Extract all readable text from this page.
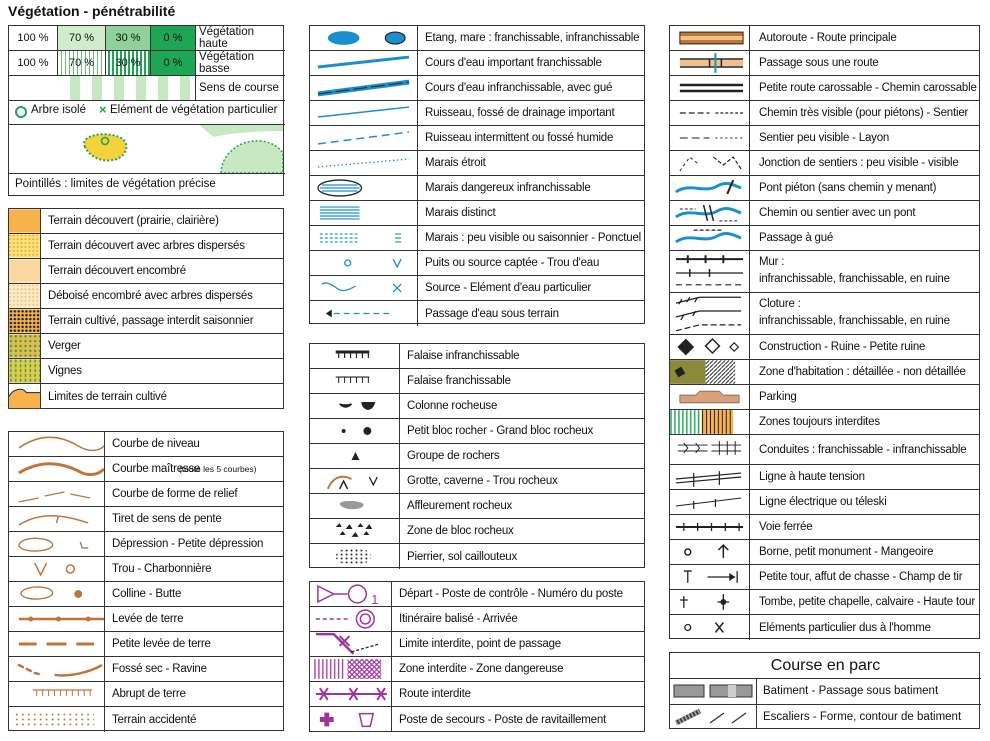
Végétation - pénétrabilité
100 %	70 %	30 %	0 %	Végétation haute
100 %	70 %	30 %	0 %	Végétation basse
Sens de course
Arbre isolé × Elément de végétation particulier
Pointillés : limites de végétation précise
Terrain découvert (prairie, clairière)
Terrain découvert avec arbres dispersés
Terrain découvert encombré
Déboisé encombré avec arbres dispersés
Terrain cultivé, passage interdit saisonnier
Verger
Vignes
Limites de terrain cultivé
Courbe de niveau
Courbe maîtresse
(toute les 5 courbes)
Courbe de forme de relief
Tiret de sens de pente
Dépression - Petite dépression
Trou - Charbonnière
Colline - Butte
Levée de terre
Petite levée de terre
Fossé sec - Ravine
Abrupt de terre
Terrain accidenté
Etang, mare : franchissable, infranchissable
Cours d'eau important franchissable
Cours d'eau infranchissable, avec gué
Ruisseau, fossé de drainage important
Ruisseau intermittent ou fossé humide
Marais étroit
Marais dangereux infranchissable
Marais distinct
Marais : peu visible ou saisonnier - Ponctuel
Puits ou source captée - Trou d'eau
Source - Elément d'eau particulier
Passage d'eau sous terrain
Falaise infranchissable
Falaise franchissable
Colonne rocheuse
Petit bloc rocher - Grand bloc rocheux
Groupe de rochers
Grotte, caverne - Trou rocheux
Affleurement rocheux
Zone de bloc rocheux
Pierrier, sol caillouteux
1 Départ - Poste de contrôle - Numéro du poste
Itinéraire balisé - Arrivée
Limite interdite, point de passage
Zone interdite - Zone dangereuse
Route interdite
Poste de secours - Poste de ravitaillement
Autoroute - Route principale
Passage sous une route
Petite route carossable - Chemin carossable
Chemin très visible (pour piétons) - Sentier
Sentier peu visible - Layon
Jonction de sentiers : peu visible - visible
Pont piéton (sans chemin y menant)
Chemin ou sentier avec un pont
Passage à gué
Mur :
infranchissable, franchissable, en ruine
Cloture :
infranchissable, franchissable, en ruine
Construction - Ruine - Petite ruine
Zone d'habitation : détaillée - non détaillée
Parking
Zones toujours interdites
Conduites : franchissable - infranchissable
Ligne à haute tension
Ligne électrique ou téleski
Voie ferrée
Borne, petit monument - Mangeoire
Petite tour, affut de chasse - Champ de tir
Tombe, petite chapelle, calvaire - Haute tour
Eléments particulier dus à l'homme
Course en parc
Batiment - Passage sous batiment
Escaliers - Forme, contour de batiment
